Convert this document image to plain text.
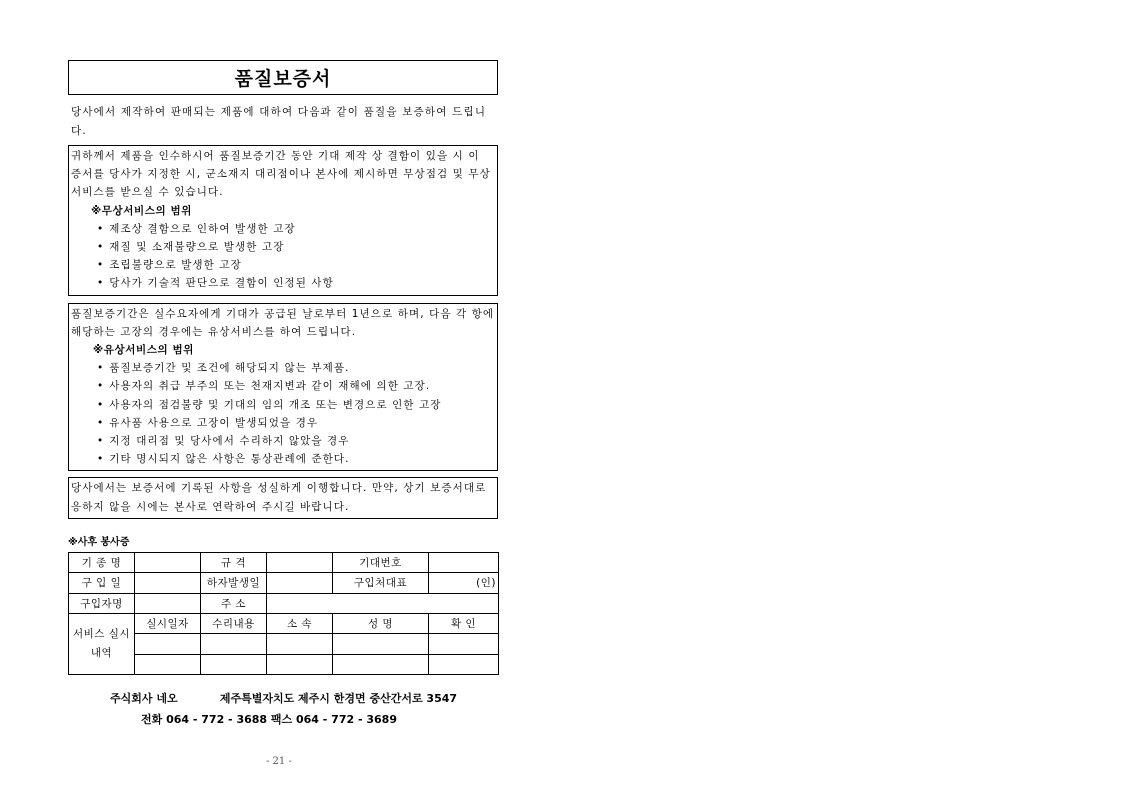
품질보증서
당사에서 제작하여 판매되는 제품에 대하여 다음과 같이 품질을 보증하여 드립니다.
귀하께서 제품을 인수하시어 품질보증기간 동안 기대 제작 상 결함이 있을 시 이 증서를 당사가 지정한 시, 군소재지 대리점이나 본사에 제시하면 무상점검 및 무상 서비스를 받으실 수 있습니다.
※무상서비스의 범위
• 제조상 결함으로 인하여 발생한 고장
• 재질 및 소재불량으로 발생한 고장
• 조립불량으로 발생한 고장
• 당사가 기술적 판단으로 결함이 인정된 사항
품질보증기간은 실수요자에게 기대가 공급된 날로부터 1년으로 하며, 다음 각 항에 해당하는 고장의 경우에는 유상서비스를 하여 드립니다.
※유상서비스의 범위
• 품질보증기간 및 조건에 해당되지 않는 부제품.
• 사용자의 취급 부주의 또는 천재지변과 같이 재해에 의한 고장.
• 사용자의 점검불량 및 기대의 임의 개조 또는 변경으로 인한 고장
• 유사품 사용으로 고장이 발생되었을 경우
• 지정 대리점 및 당사에서 수리하지 않았을 경우
• 기타 명시되지 않은 사항은 통상관례에 준한다.
당사에서는 보증서에 기록된 사항을 성실하게 이행합니다. 만약, 상기 보증서대로 응하지 않을 시에는 본사로 연락하여 주시길 바랍니다.
※사후 봉사증
기 종 명		규 격		기대번호	
구 입 일		하자발생일		구입처대표	(인)
구입자명		주 소			
서비스 실시내역	실시일자	수리내용	소 속	성 명	확 인

주식회사 네오	제주특별자치도 제주시 한경면 중산간서로 3547
전화 064 - 772 - 3688 팩스 064 - 772 - 3689
- 21 -
